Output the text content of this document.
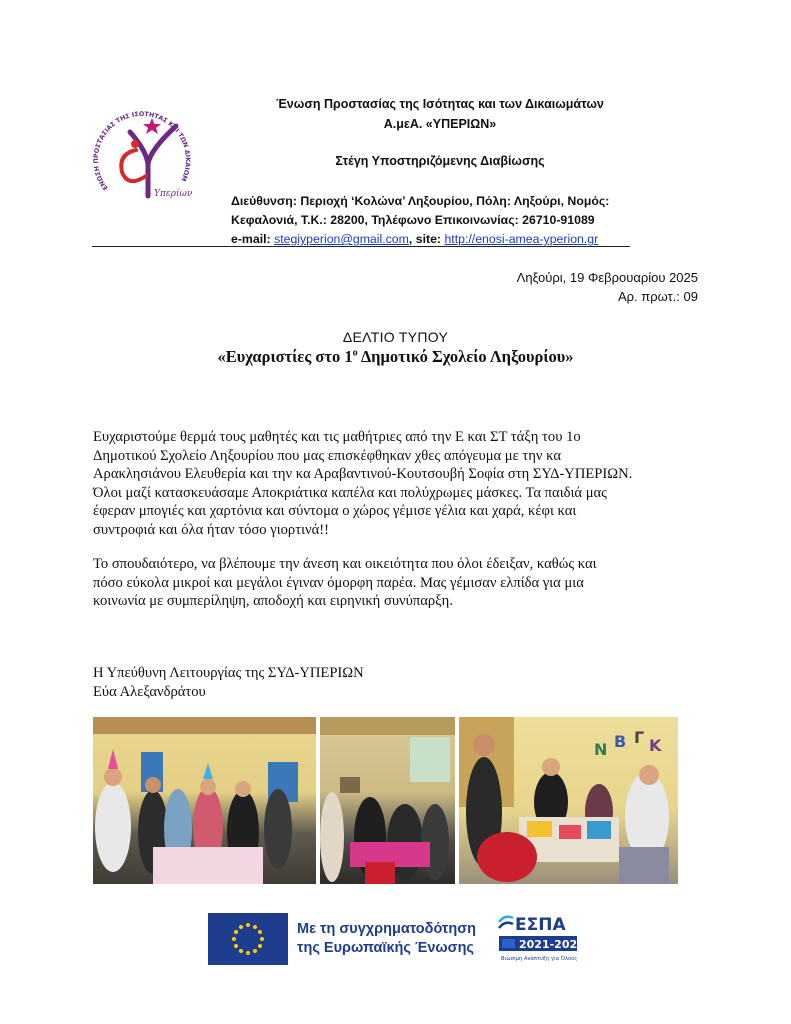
ΕΝΩΣΗ ΠΡΟΣΤΑΣΙΑΣ ΤΗΣ ΙΣΟΤΗΤΑΣ ΚΑΙ ΤΩΝ ΔΙΚΑΙΩΜ
Υπερίων
Ένωση Προστασίας της Ισότητας και των Δικαιωμάτων
Α.μεΑ. «ΥΠΕΡΙΩΝ»
Στέγη Υποστηριζόμενης Διαβίωσης
Διεύθυνση: Περιοχή ‘Κολώνα’ Ληξουρίου, Πόλη: Ληξούρι, Νομός:
Κεφαλονιά, Τ.Κ.: 28200, Τηλέφωνο Επικοινωνίας: 26710-91089
e-mail: stegiyperion@gmail.com, site: http://enosi-amea-yperion.gr
Ληξούρι, 19 Φεβρουαρίου 2025
Αρ. πρωτ.: 09
ΔΕΛΤΙΟ ΤΥΠΟΥ
«Ευχαριστίες στο $1^o$ Δημοτικό Σχολείο Ληξουρίου»

Ευχαριστούμε θερμά τους μαθητές και τις μαθήτριες από την Ε και ΣΤ τάξη του 1ο

Δημοτικού Σχολείο Ληξουρίου που μας επισκέφθηκαν χθες απόγευμα με την κα

Αρακλησιάνου Ελευθερία και την κα Αραβαντινού-Κουτσουβή Σοφία στη ΣΥΔ-ΥΠΕΡΙΩΝ.

Όλοι μαζί κατασκευάσαμε Αποκριάτικα καπέλα και πολύχρωμες μάσκες. Τα παιδιά μας

έφεραν μπογιές και χαρτόνια και σύντομα ο χώρος γέμισε γέλια και χαρά, κέφι και

συντροφιά και όλα ήταν τόσο γιορτινά!!

Το σπουδαιότερο, να βλέπουμε την άνεση και οικειότητα που όλοι έδειξαν, καθώς και

πόσο εύκολα μικροί και μεγάλοι έγιναν όμορφη παρέα. Μας γέμισαν ελπίδα για μια

κοινωνία με συμπερίληψη, αποδοχή και ειρηνική συνύπαρξη.

Η Υπεύθυνη Λειτουργίας της ΣΥΔ-ΥΠΕΡΙΩΝ

Εύα Αλεξανδράτου

Ν Β Γ Κ
Με τη συγχρηματοδότηση
της Ευρωπαϊκής Ένωσης
ΕΣΠΑ
2021-2027
Βιώσιμη Ανάπτυξη για Όλους
